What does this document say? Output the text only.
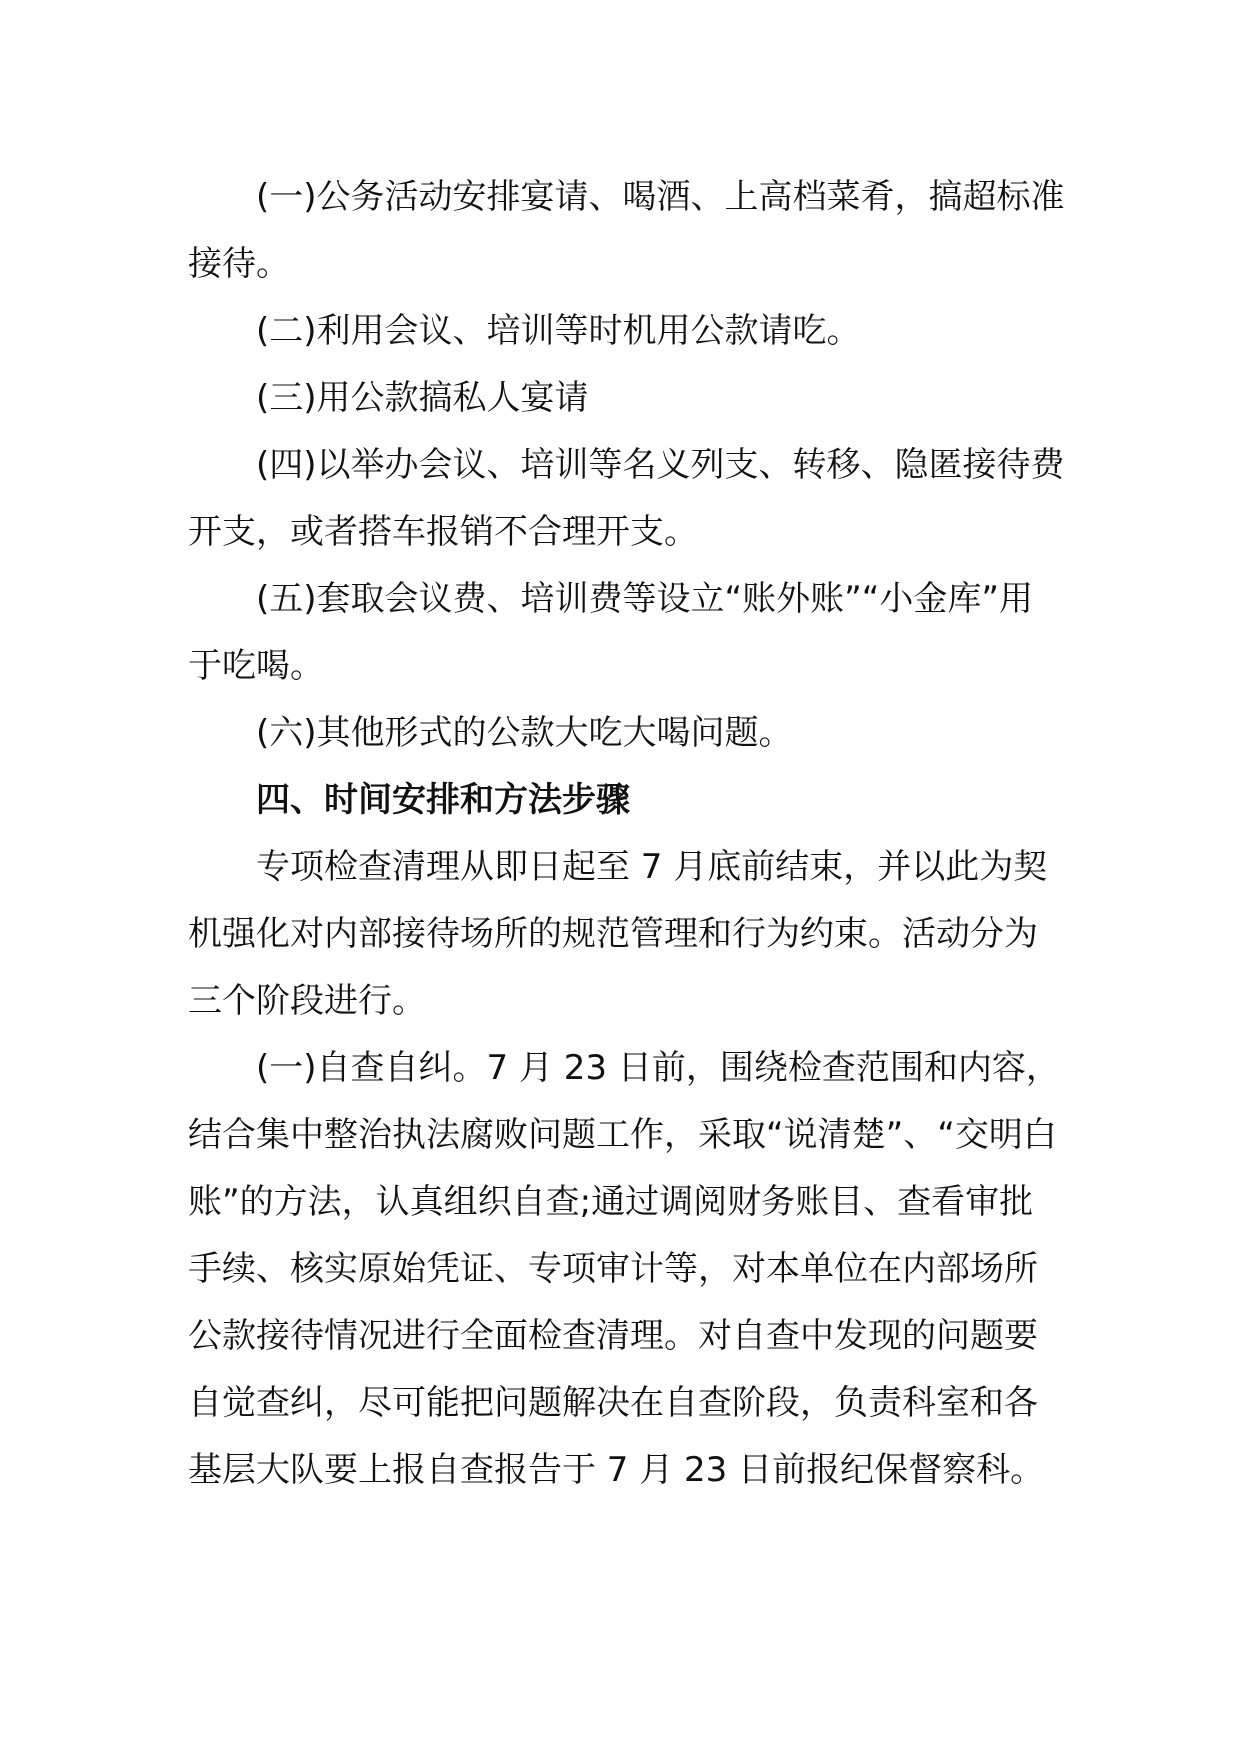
(一)公务活动安排宴请、喝酒、上高档菜肴，搞超标准接待。

(二)利用会议、培训等时机用公款请吃。

(三)用公款搞私人宴请

(四)以举办会议、培训等名义列支、转移、隐匿接待费开支，或者搭车报销不合理开支。

(五)套取会议费、培训费等设立“账外账”“小金库”用于吃喝。

(六)其他形式的公款大吃大喝问题。

四、时间安排和方法步骤

专项检查清理从即日起至 7 月底前结束，并以此为契机强化对内部接待场所的规范管理和行为约束。活动分为三个阶段进行。

(一)自查自纠。7 月 23 日前，围绕检查范围和内容，结合集中整治执法腐败问题工作，采取“说清楚”、“交明白账”的方法，认真组织自查;通过调阅财务账目、查看审批手续、核实原始凭证、专项审计等，对本单位在内部场所公款接待情况进行全面检查清理。对自查中发现的问题要自觉查纠，尽可能把问题解决在自查阶段，负责科室和各基层大队要上报自查报告于 7 月 23 日前报纪保督察科。
